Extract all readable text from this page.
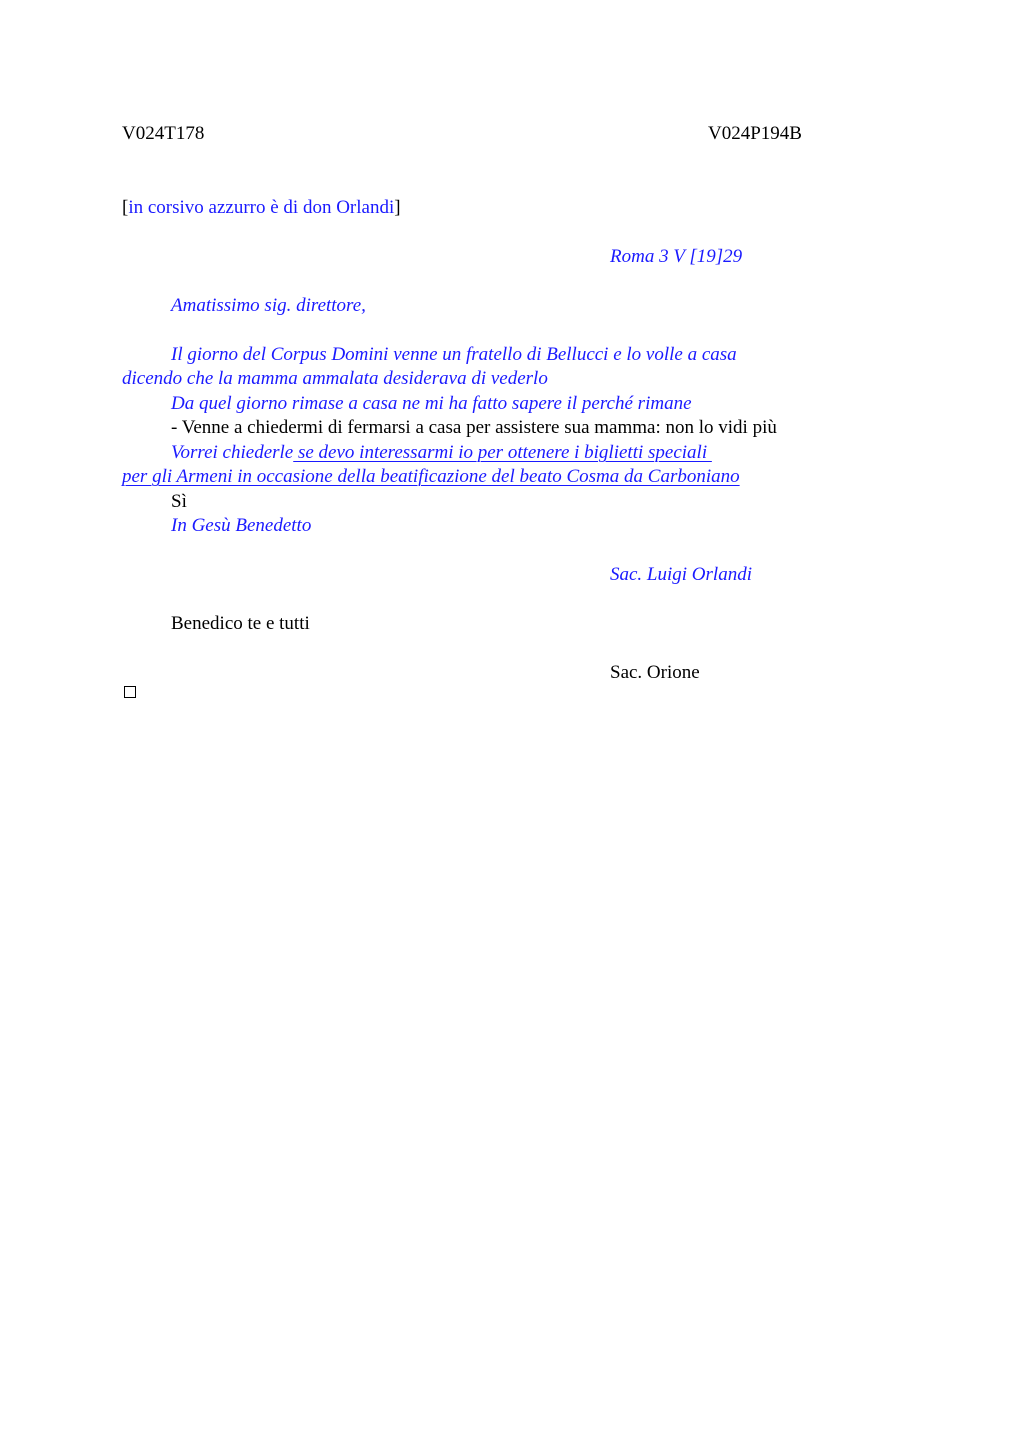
V024T178	V024P194B
[in corsivo azzurro è di don Orlandi]
Roma 3 V [19]29
Amatissimo sig. direttore,
Il giorno del Corpus Domini venne un fratello di Bellucci e lo volle a casa
dicendo che la mamma ammalata desiderava di vederlo
Da quel giorno rimase a casa ne mi ha fatto sapere il perché rimane
- Venne a chiedermi di fermarsi a casa per assistere sua mamma: non lo vidi più
Vorrei chiederle se devo interessarmi io per ottenere i biglietti speciali
per gli Armeni in occasione della beatificazione del beato Cosma da Carboniano
Sì
In Gesù Benedetto
Sac. Luigi Orlandi
Benedico te e tutti
Sac. Orione
